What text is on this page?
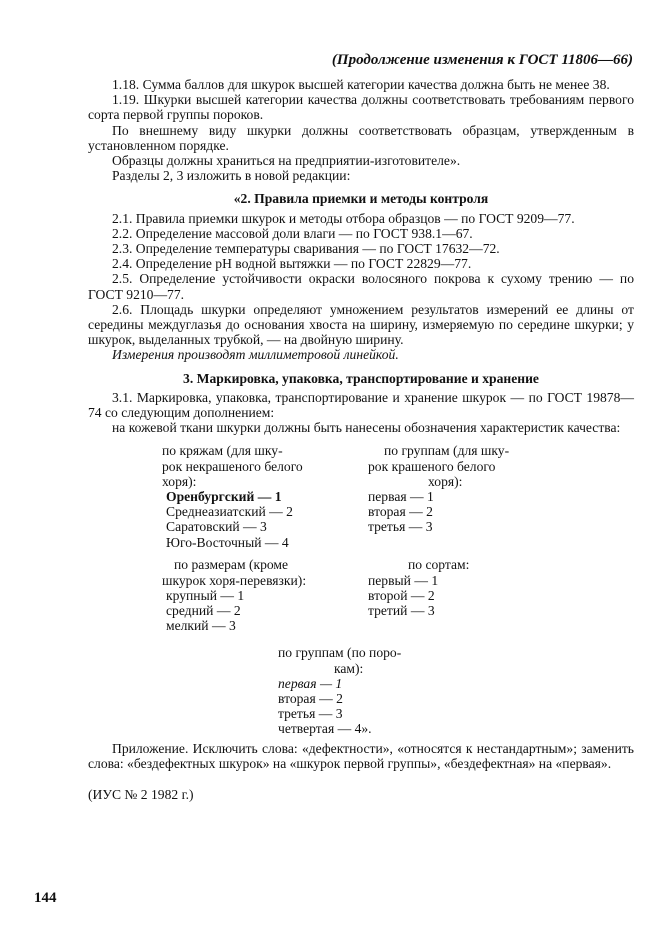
(Продолжение изменения к ГОСТ 11806—66)

1.18. Сумма баллов для шкурок высшей категории качества должна быть не менее 38.

1.19. Шкурки высшей категории качества должны соответствовать требованиям первого сорта первой группы пороков.

По внешнему виду шкурки должны соответствовать образцам, утвержденным в установленном порядке.

Образцы должны храниться на предприятии-изготовителе».

Разделы 2, 3 изложить в новой редакции:

«2. Правила приемки и методы контроля

2.1. Правила приемки шкурок и методы отбора образцов — по ГОСТ 9209—77.

2.2. Определение массовой доли влаги — по ГОСТ 938.1—67.

2.3. Определение температуры сваривания — по ГОСТ 17632—72.

2.4. Определение pH водной вытяжки — по ГОСТ 22829—77.

2.5. Определение устойчивости окраски волосяного покрова к сухому трению — по ГОСТ 9210—77.

2.6. Площадь шкурки определяют умножением результатов измерений ее длины от середины междуглазья до основания хвоста на ширину, измеряемую по середине шкурки; у шкурок, выделанных трубкой, — на двойную ширину.

Измерения производят миллиметровой линейкой.

3. Маркировка, упаковка, транспортирование и хранение

3.1. Маркировка, упаковка, транспортирование и хранение шкурок — по ГОСТ 19878—74 со следующим дополнением:

на кожевой ткани шкурки должны быть нанесены обозначения характеристик качества:

по кряжам (для шку-
рок некрашеного белого
хоря):
Оренбургский — 1
Среднеазиатский — 2
Саратовский — 3
Юго-Восточный — 4
по группам (для шку-
рок крашеного белого
хоря):
первая — 1
вторая — 2
третья — 3
по размерам (кроме
шкурок хоря-перевязки):
крупный — 1
средний — 2
мелкий — 3
по сортам:
первый — 1
второй — 2
третий — 3
по группам (по поро-
кам):
первая — 1
вторая — 2
третья — 3
четвертая — 4».

Приложение. Исключить слова: «дефектности», «относятся к нестандартным»; заменить слова: «бездефектных шкурок» на «шкурок первой группы», «бездефектная» на «первая».

(ИУС № 2 1982 г.)

144
